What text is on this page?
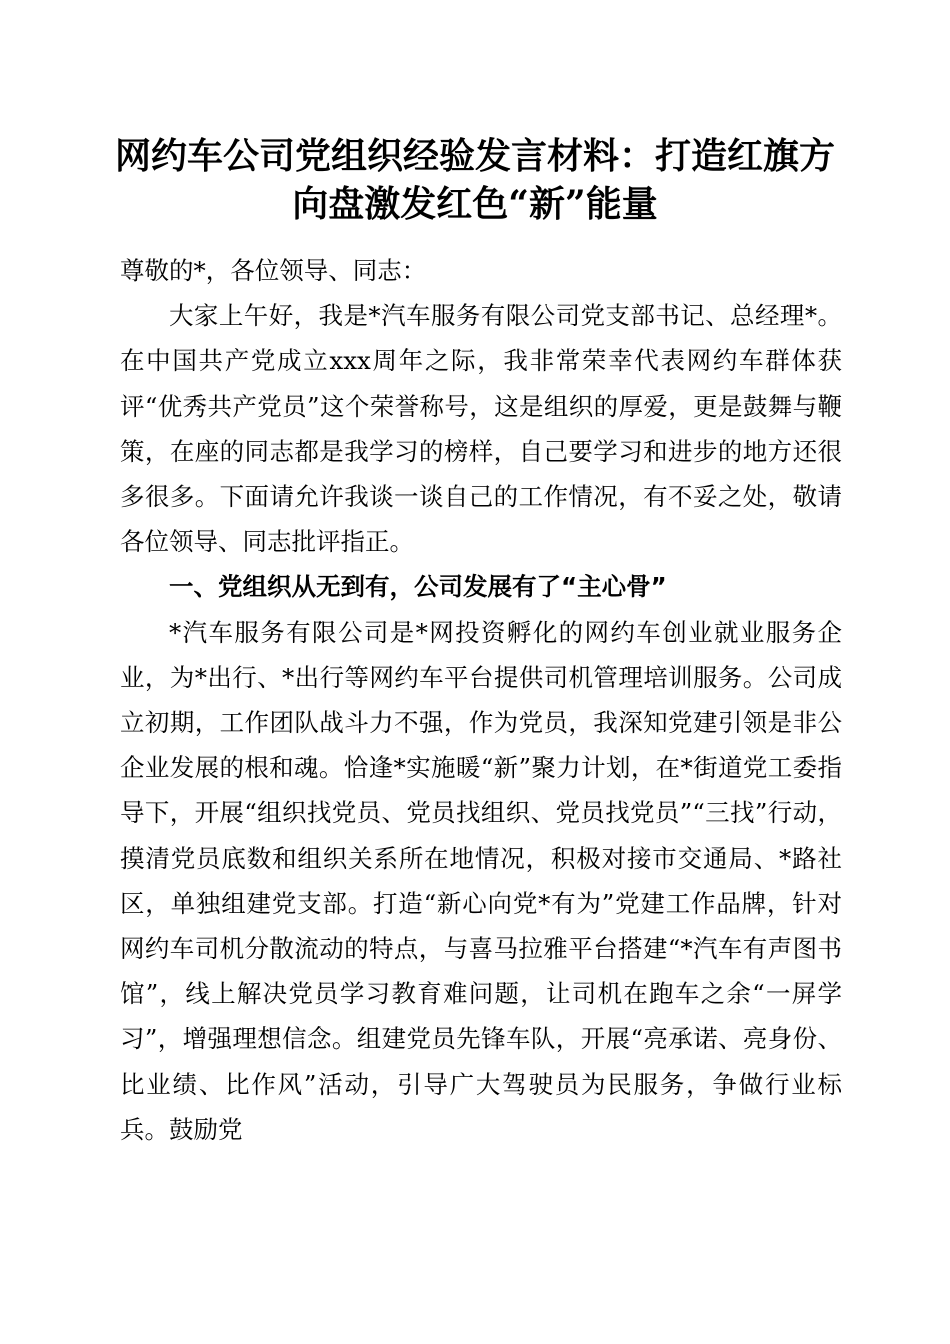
网约车公司党组织经验发言材料：打造红旗方向盘激发红色“新”能量

尊敬的*，各位领导、同志：

大家上午好，我是*汽车服务有限公司党支部书记、总经理*。在中国共产党成立xxx周年之际，我非常荣幸代表网约车群体获评“优秀共产党员”这个荣誉称号，这是组织的厚爱，更是鼓舞与鞭策，在座的同志都是我学习的榜样，自己要学习和进步的地方还很多很多。下面请允许我谈一谈自己的工作情况，有不妥之处，敬请各位领导、同志批评指正。

一、党组织从无到有，公司发展有了“主心骨”

*汽车服务有限公司是*网投资孵化的网约车创业就业服务企业，为*出行、*出行等网约车平台提供司机管理培训服务。公司成立初期，工作团队战斗力不强，作为党员，我深知党建引领是非公企业发展的根和魂。恰逢*实施暖“新”聚力计划，在*街道党工委指导下，开展“组织找党员、党员找组织、党员找党员”“三找”行动，摸清党员底数和组织关系所在地情况，积极对接市交通局、*路社区，单独组建党支部。打造“新心向党*有为”党建工作品牌，针对网约车司机分散流动的特点，与喜马拉雅平台搭建“*汽车有声图书馆”，线上解决党员学习教育难问题，让司机在跑车之余“一屏学习”，增强理想信念。组建党员先锋车队，开展“亮承诺、亮身份、比业绩、比作风”活动，引导广大驾驶员为民服务，争做行业标兵。鼓励党
